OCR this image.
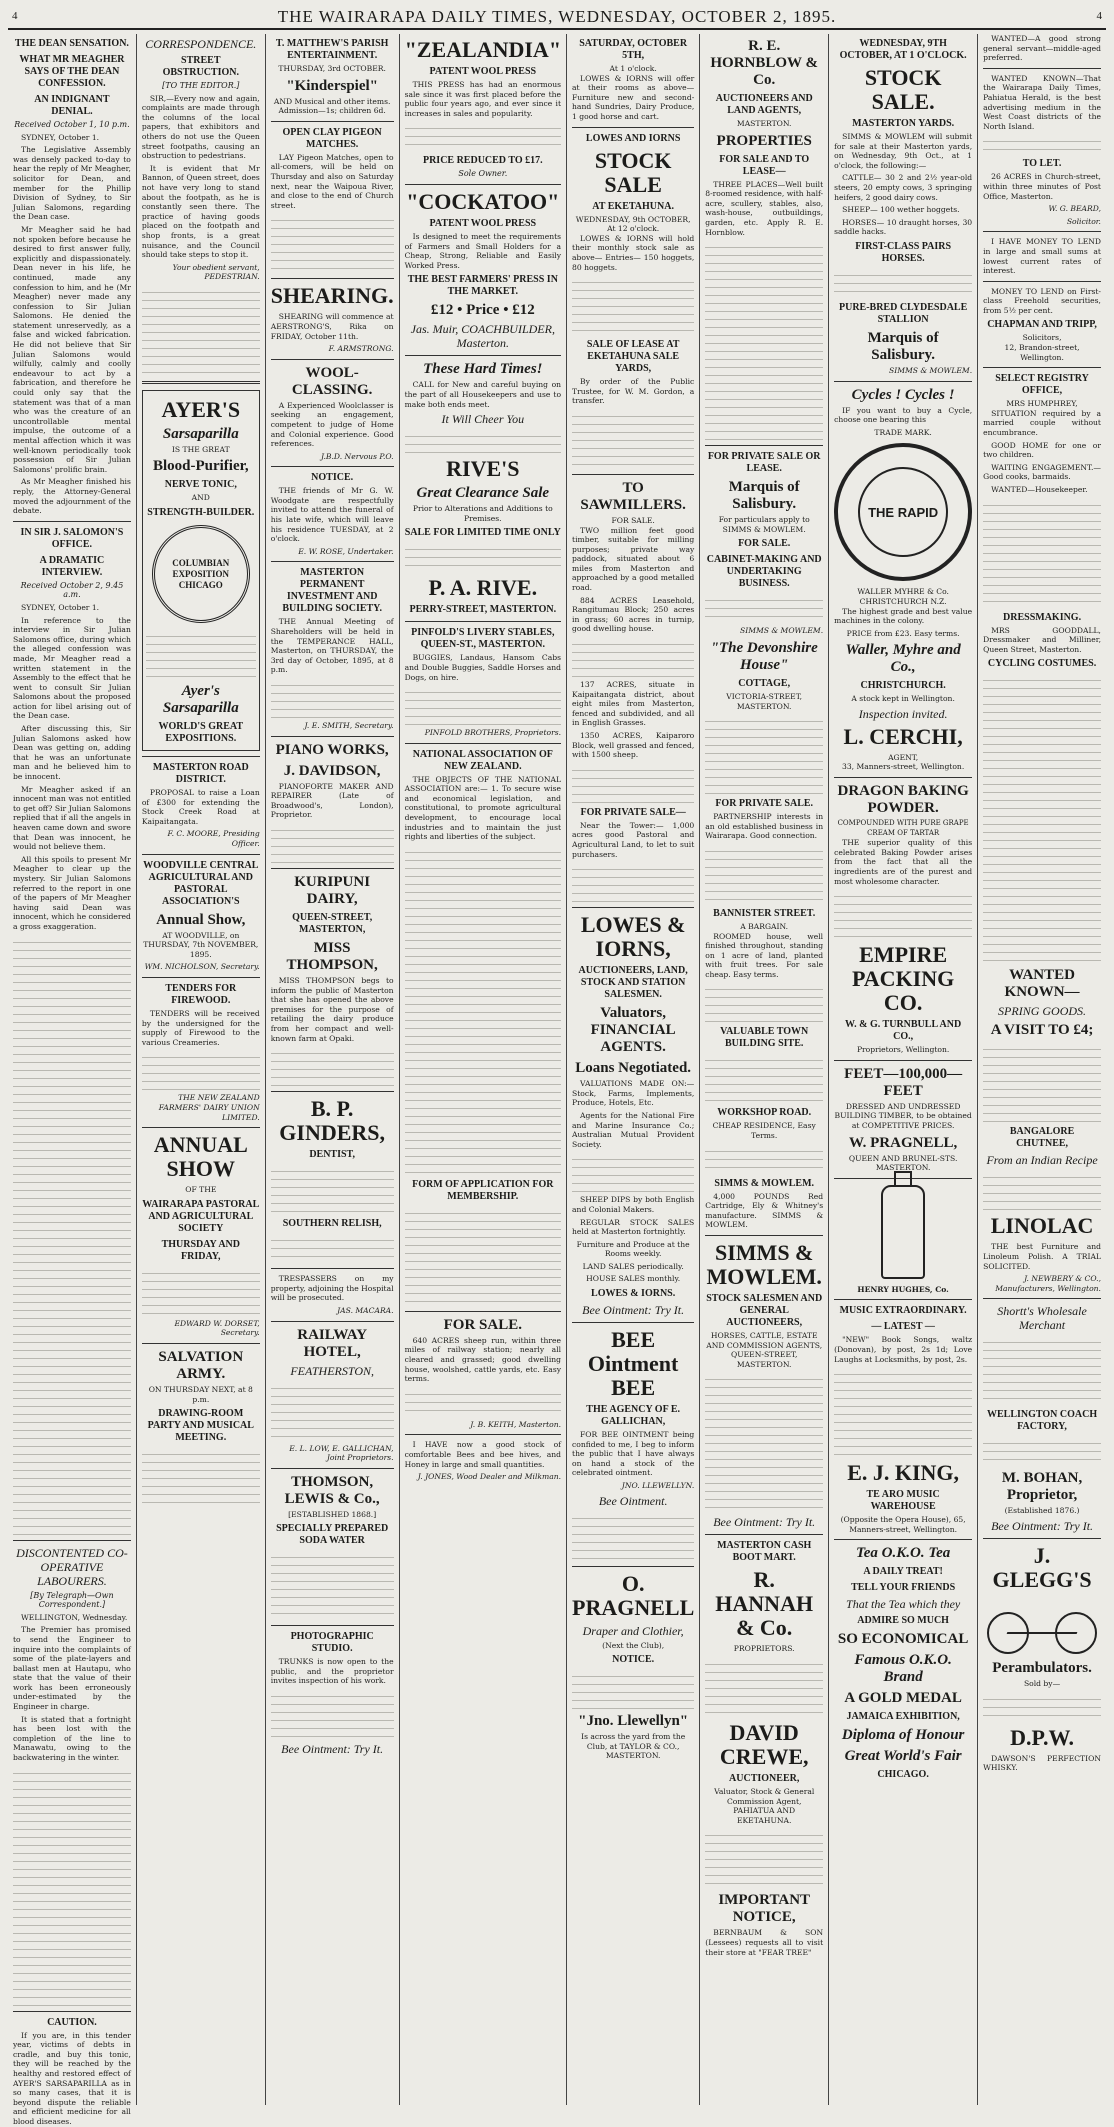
4	THE WAIRARAPA DAILY TIMES, WEDNESDAY, OCTOBER 2, 1895.	4
THE DEAN SENSATION.
WHAT MR MEAGHER SAYS OF THE DEAN CONFESSION.
AN INDIGNANT DENIAL.
Received October 1, 10 p.m.

SYDNEY, October 1.

The Legislative Assembly was densely packed to-day to hear the reply of Mr Meagher, solicitor for Dean, and member for the Phillip Division of Sydney, to Sir Julian Salomons, regarding the Dean case.

Mr Meagher said he had not spoken before because he desired to first answer fully, explicitly and dispassionately. Dean never in his life, he continued, made any confession to him, and he (Mr Meagher) never made any confession to Sir Julian Salomons. He denied the statement unreservedly, as a false and wicked fabrication. He did not believe that Sir Julian Salomons would wilfully, calmly and coolly endeavour to act by a fabrication, and therefore he could only say that the statement was that of a man who was the creature of an uncontrollable mental impulse, the outcome of a mental affection which it was well-known periodically took possession of Sir Julian Salomons' prolific brain.

As Mr Meagher finished his reply, the Attorney-General moved the adjournment of the debate.

IN SIR J. SALOMON'S OFFICE.
A DRAMATIC INTERVIEW.
Received October 2, 9.45 a.m.

SYDNEY, October 1.

In reference to the interview in Sir Julian Salomons office, during which the alleged confession was made, Mr Meagher read a written statement in the Assembly to the effect that he went to consult Sir Julian Salomons about the proposed action for libel arising out of the Dean case.

After discussing this, Sir Julian Salomons asked how Dean was getting on, adding that he was an unfortunate man and he believed him to be innocent.

Mr Meagher asked if an innocent man was not entitled to get off? Sir Julian Salomons replied that if all the angels in heaven came down and swore that Dean was innocent, he would not believe them.

All this spoils to present Mr Meagher to clear up the mystery. Sir Julian Salomons referred to the report in one of the papers of Mr Meagher having said Dean was innocent, which he considered a gross exaggeration.

DISCONTENTED CO-OPERATIVE LABOURERS.
[By Telegraph—Own Correspondent.]

WELLINGTON, Wednesday.

The Premier has promised to send the Engineer to inquire into the complaints of some of the plate-layers and ballast men at Hautapu, who state that the value of their work has been erroneously under-estimated by the Engineer in charge.

It is stated that a fortnight has been lost with the completion of the line to Manawatu, owing to the backwatering in the winter.

CAUTION.

If you are, in this tender year, victims of debts in cradle, and buy this tonic, they will be reached by the healthy and restored effect of AYER'S SARSAPARILLA as in so many cases, that it is beyond dispute the reliable and efficient medicine for all blood diseases.

CORRESPONDENCE.
STREET OBSTRUCTION.
[TO THE EDITOR.]

SIR,—Every now and again, complaints are made through the columns of the local papers, that exhibitors and others do not use the Queen street footpaths, causing an obstruction to pedestrians.

It is evident that Mr Bannon, of Queen street, does not have very long to stand about the footpath, as he is constantly seen there. The practice of having goods placed on the footpath and shop fronts, is a great nuisance, and the Council should take steps to stop it.

Your obedient servant, PEDESTRIAN.

AYER'S
Sarsaparilla
IS THE GREAT
Blood-Purifier,
NERVE TONIC,
AND
STRENGTH-BUILDER.
COLUMBIAN EXPOSITION CHICAGO
Ayer's Sarsaparilla
WORLD'S GREAT EXPOSITIONS.
MASTERTON ROAD DISTRICT.

PROPOSAL to raise a Loan of £300 for extending the Stock Creek Road at Kaipaitangata.

F. C. MOORE, Presiding Officer.

WOODVILLE CENTRAL AGRICULTURAL AND PASTORAL ASSOCIATION'S
Annual Show,

AT WOODVILLE, on THURSDAY, 7th NOVEMBER, 1895.

WM. NICHOLSON, Secretary.

TENDERS FOR FIREWOOD.

TENDERS will be received by the undersigned for the supply of Firewood to the various Creameries.

THE NEW ZEALAND FARMERS' DAIRY UNION LIMITED.

ANNUAL SHOW
OF THE
WAIRARAPA PASTORAL AND AGRICULTURAL SOCIETY
THURSDAY AND FRIDAY,

EDWARD W. DORSET, Secretary.

SALVATION ARMY.

ON THURSDAY NEXT, at 8 p.m.

DRAWING-ROOM PARTY AND MUSICAL MEETING.
T. MATTHEW'S PARISH ENTERTAINMENT.
THURSDAY, 3rd OCTOBER.
"Kinderspiel"

AND Musical and other items. Admission—1s; children 6d.

OPEN CLAY PIGEON MATCHES.

LAY Pigeon Matches, open to all-comers, will be held on Thursday and also on Saturday next, near the Waipoua River, and close to the end of Church street.

SHEARING.

SHEARING will commence at AERSTRONG'S, Rika on FRIDAY, October 11th.

F. ARMSTRONG.

WOOL-CLASSING.

A Experienced Woolclasser is seeking an engagement, competent to judge of Home and Colonial experience. Good references.

J.B.D. Nervous P.O.

NOTICE.

THE friends of Mr G. W. Woodgate are respectfully invited to attend the funeral of his late wife, which will leave his residence TUESDAY, at 2 o'clock.

E. W. ROSE, Undertaker.

MASTERTON PERMANENT INVESTMENT AND BUILDING SOCIETY.

THE Annual Meeting of Shareholders will be held in the TEMPERANCE HALL, Masterton, on THURSDAY, the 3rd day of October, 1895, at 8 p.m.

J. E. SMITH, Secretary.

PIANO WORKS,
J. DAVIDSON,

PIANOFORTE MAKER AND REPAIRER (Late of Broadwood's, London), Proprietor.

KURIPUNI DAIRY,
QUEEN-STREET, MASTERTON,
MISS THOMPSON,

MISS THOMPSON begs to inform the public of Masterton that she has opened the above premises for the purpose of retailing the dairy produce from her compact and well-known farm at Opaki.

B. P. GINDERS,
DENTIST,
SOUTHERN RELISH,

TRESPASSERS on my property, adjoining the Hospital will be prosecuted.

JAS. MACARA.

RAILWAY HOTEL,
FEATHERSTON,

E. L. LOW, E. GALLICHAN, Joint Proprietors.

THOMSON, LEWIS & Co.,
[ESTABLISHED 1868.]
SPECIALLY PREPARED SODA WATER
PHOTOGRAPHIC STUDIO.

TRUNKS is now open to the public, and the proprietor invites inspection of his work.

Bee Ointment: Try It.
"ZEALANDIA"
PATENT WOOL PRESS

THIS PRESS has had an enormous sale since it was first placed before the public four years ago, and ever since it increases in sales and popularity.

PRICE REDUCED TO £17.
Sole Owner.
"COCKATOO"
PATENT WOOL PRESS

Is designed to meet the requirements of Farmers and Small Holders for a Cheap, Strong, Reliable and Easily Worked Press.

THE BEST FARMERS' PRESS IN THE MARKET.
£12 • Price • £12
Jas. Muir, COACHBUILDER, Masterton.
These Hard Times!

CALL for New and careful buying on the part of all Housekeepers and use to make both ends meet.

It Will Cheer You
RIVE'S
Great Clearance Sale

Prior to Alterations and Additions to Premises.

SALE FOR LIMITED TIME ONLY
P. A. RIVE.
PERRY-STREET, MASTERTON.
PINFOLD'S LIVERY STABLES, QUEEN-ST., MASTERTON.

BUGGIES, Landaus, Hansom Cabs and Double Buggies, Saddle Horses and Dogs, on hire.

PINFOLD BROTHERS, Proprietors.

NATIONAL ASSOCIATION OF NEW ZEALAND.

THE OBJECTS OF THE NATIONAL ASSOCIATION are:— 1. To secure wise and economical legislation, and constitutional, to promote agricultural development, to encourage local industries and to maintain the just rights and liberties of the subject.

FORM OF APPLICATION FOR MEMBERSHIP.
FOR SALE.

640 ACRES sheep run, within three miles of railway station; nearly all cleared and grassed; good dwelling house, woolshed, cattle yards, etc. Easy terms.

J. B. KEITH, Masterton.

I HAVE now a good stock of comfortable Bees and bee hives, and Honey in large and small quantities.

J. JONES, Wood Dealer and Milkman.

SATURDAY, OCTOBER 5TH,
At 1 o'clock.

LOWES & IORNS will offer at their rooms as above— Furniture new and second-hand Sundries, Dairy Produce, 1 good horse and cart.

LOWES AND IORNS
STOCK SALE
AT EKETAHUNA.
WEDNESDAY, 9th OCTOBER, At 12 o'clock.

LOWES & IORNS will hold their monthly stock sale as above— Entries— 150 hoggets, 80 hoggets.

SALE OF LEASE AT EKETAHUNA SALE YARDS,

By order of the Public Trustee, for W. M. Gordon, a transfer.

TO SAWMILLERS.
FOR SALE.

TWO million feet good timber, suitable for milling purposes; private way paddock, situated about 6 miles from Masterton and approached by a good metalled road.

884 ACRES Leasehold, Rangitumau Block; 250 acres in grass; 60 acres in turnip, good dwelling house.

137 ACRES, situate in Kaipaitangata district, about eight miles from Masterton, fenced and subdivided, and all in English Grasses.

1350 ACRES, Kaiparoro Block, well grassed and fenced, with 1500 sheep.

FOR PRIVATE SALE—

Near the Tower:— 1,000 acres good Pastoral and Agricultural Land, to let to suit purchasers.

LOWES & IORNS,
AUCTIONEERS, LAND, STOCK AND STATION SALESMEN.
Valuators, FINANCIAL AGENTS.
Loans Negotiated.

VALUATIONS MADE ON:— Stock, Farms, Implements, Produce, Hotels, Etc.

Agents for the National Fire and Marine Insurance Co.; Australian Mutual Provident Society.

SHEEP DIPS by both English and Colonial Makers.

REGULAR STOCK SALES held at Masterton fortnightly.

Furniture and Produce at the Rooms weekly.

LAND SALES periodically.

HOUSE SALES monthly.

LOWES & IORNS.
Bee Ointment: Try It.
BEE Ointment BEE
THE AGENCY OF E. GALLICHAN,

FOR BEE OINTMENT being confided to me, I beg to inform the public that I have always on hand a stock of the celebrated ointment.

JNO. LLEWELLYN.

Bee Ointment.
O. PRAGNELL
Draper and Clothier,
(Next the Club),
NOTICE.
"Jno. Llewellyn"

Is across the yard from the Club, at TAYLOR & CO., MASTERTON.

R. E. HORNBLOW & Co.
AUCTIONEERS AND LAND AGENTS,
MASTERTON.
PROPERTIES
FOR SALE AND TO LEASE—

THREE PLACES—Well built 8-roomed residence, with half-acre, scullery, stables, also, wash-house, outbuildings, garden, etc. Apply R. E. Hornblow.

FOR PRIVATE SALE OR LEASE.
Marquis of Salisbury.

For particulars apply to SIMMS & MOWLEM.

FOR SALE.
CABINET-MAKING AND UNDERTAKING BUSINESS.

SIMMS & MOWLEM.

"The Devonshire House"
COTTAGE,
VICTORIA-STREET, MASTERTON.
FOR PRIVATE SALE.

PARTNERSHIP interests in an old established business in Wairarapa. Good connection.

BANNISTER STREET.
A BARGAIN.

ROOMED house, well finished throughout, standing on 1 acre of land, planted with fruit trees. For sale cheap. Easy terms.

VALUABLE TOWN BUILDING SITE.
WORKSHOP ROAD.
CHEAP RESIDENCE, Easy Terms.
SIMMS & MOWLEM.

4,000 POUNDS Red Cartridge, Ely & Whitney's manufacture. SIMMS & MOWLEM.

SIMMS & MOWLEM.
STOCK SALESMEN AND GENERAL AUCTIONEERS,

HORSES, CATTLE, ESTATE AND COMMISSION AGENTS, QUEEN-STREET, MASTERTON.

Bee Ointment: Try It.
MASTERTON CASH BOOT MART.
R. HANNAH & Co.
PROPRIETORS.
DAVID CREWE,
AUCTIONEER,

Valuator, Stock & General Commission Agent, PAHIATUA AND EKETAHUNA.

IMPORTANT NOTICE,

BERNBAUM & SON (Lessees) requests all to visit their store at "FEAR TREE"

WEDNESDAY, 9TH OCTOBER, AT 1 O'CLOCK.
STOCK SALE.
MASTERTON YARDS.

SIMMS & MOWLEM will submit for sale at their Masterton yards, on Wednesday, 9th Oct., at 1 o'clock, the following:—

CATTLE— 30 2 and 2½ year-old steers, 20 empty cows, 3 springing heifers, 2 good dairy cows.

SHEEP— 100 wether hoggets.

HORSES— 10 draught horses, 30 saddle hacks.

FIRST-CLASS PAIRS HORSES.
PURE-BRED CLYDESDALE STALLION
Marquis of Salisbury.

SIMMS & MOWLEM.

Cycles ! Cycles !

IF you want to buy a Cycle, choose one bearing this

TRADE MARK.
THE RAPID
WALLER MYHRE & Co. CHRISTCHURCH N.Z.

The highest grade and best value machines in the colony.

PRICE from £23. Easy terms.

Waller, Myhre and Co.,
CHRISTCHURCH.

A stock kept in Wellington.

Inspection invited.
L. CERCHI,
AGENT,
33, Manners-street, Wellington.
DRAGON BAKING POWDER.
COMPOUNDED WITH PURE GRAPE CREAM OF TARTAR

THE superior quality of this celebrated Baking Powder arises from the fact that all the ingredients are of the purest and most wholesome character.

EMPIRE PACKING CO.
W. & G. TURNBULL AND CO.,
Proprietors, Wellington.
FEET—100,000—FEET

DRESSED AND UNDRESSED BUILDING TIMBER, to be obtained at COMPETITIVE PRICES.

W. PRAGNELL,
QUEEN AND BRUNEL-STS. MASTERTON.
HENRY HUGHES, Co.
MUSIC EXTRAORDINARY.
— LATEST —

"NEW" Book Songs, waltz (Donovan), by post, 2s 1d; Love Laughs at Locksmiths, by post, 2s.

E. J. KING,
TE ARO MUSIC WAREHOUSE
(Opposite the Opera House), 65, Manners-street, Wellington.
Tea O.K.O. Tea
A DAILY TREAT!
TELL YOUR FRIENDS
That the Tea which they
ADMIRE SO MUCH
SO ECONOMICAL
Famous O.K.O. Brand
A GOLD MEDAL
JAMAICA EXHIBITION,
Diploma of Honour
Great World's Fair
CHICAGO.

WANTED—A good strong general servant—middle-aged preferred.

WANTED KNOWN—That the Wairarapa Daily Times, Pahiatua Herald, is the best advertising medium in the West Coast districts of the North Island.

TO LET.

26 ACRES in Church-street, within three minutes of Post Office, Masterton.

W. G. BEARD,

Solicitor.

I HAVE MONEY TO LEND in large and small sums at lowest current rates of interest.

MONEY TO LEND on First-class Freehold securities, from 5½ per cent.

CHAPMAN AND TRIPP,
Solicitors,
12, Brandon-street, Wellington.
SELECT REGISTRY OFFICE,
MRS HUMPHREY,

SITUATION required by a married couple without encumbrance.

GOOD HOME for one or two children.

WAITING ENGAGEMENT.—Good cooks, barmaids.

WANTED—Housekeeper.

DRESSMAKING.

MRS GOODDALL, Dressmaker and Milliner, Queen Street, Masterton.

CYCLING COSTUMES.
WANTED KNOWN—
SPRING GOODS.
A VISIT TO £4;
BANGALORE CHUTNEE,
From an Indian Recipe
LINOLAC

THE best Furniture and Linoleum Polish. A TRIAL SOLICITED.

J. NEWBERY & CO., Manufacturers, Wellington.

Shortt's Wholesale Merchant
WELLINGTON COACH FACTORY,
M. BOHAN, Proprietor,
(Established 1876.)
Bee Ointment: Try It.
J. GLEGG'S
Perambulators.
Sold by—
D.P.W.

DAWSON'S PERFECTION WHISKY.
